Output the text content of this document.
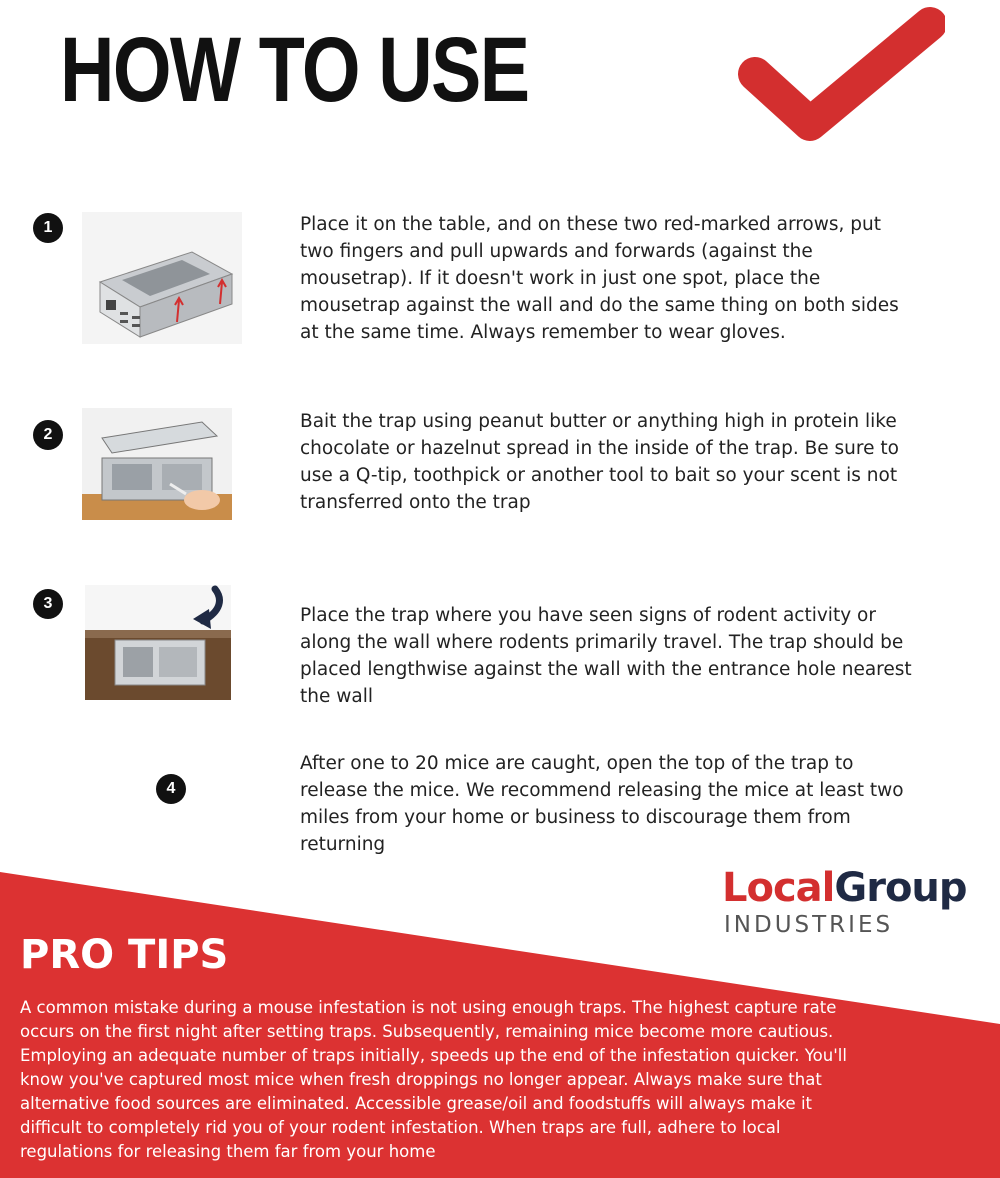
HOW TO USE
1	Place it on the table, and on these two red-marked arrows, put two fingers and pull upwards and forwards (against the mousetrap). If it doesn't work in just one spot, place the mousetrap against the wall and do the same thing on both sides at the same time. Always remember to wear gloves.

2

Bait the trap using peanut butter or anything high in protein like chocolate or hazelnut spread in the inside of the trap. Be sure to use a Q-tip, toothpick or another tool to bait so your scent is not transferred onto the trap

3

Place the trap where you have seen signs of rodent activity or along the wall where rodents primarily travel. The trap should be placed lengthwise against the wall with the entrance hole nearest the wall

4

After one to 20 mice are caught, open the top of the trap to release the mice. We recommend releasing the mice at least two miles from your home or business to discourage them from returning

LocalGroup
INDUSTRIES
PRO TIPS

A common mistake during a mouse infestation is not using enough traps. The highest capture rate occurs on the first night after setting traps. Subsequently, remaining mice become more cautious. Employing an adequate number of traps initially, speeds up the end of the infestation quicker. You'll know you've captured most mice when fresh droppings no longer appear. Always make sure that alternative food sources are eliminated. Accessible grease/oil and foodstuffs will always make it difficult to completely rid you of your rodent infestation. When traps are full, adhere to local regulations for releasing them far from your home
